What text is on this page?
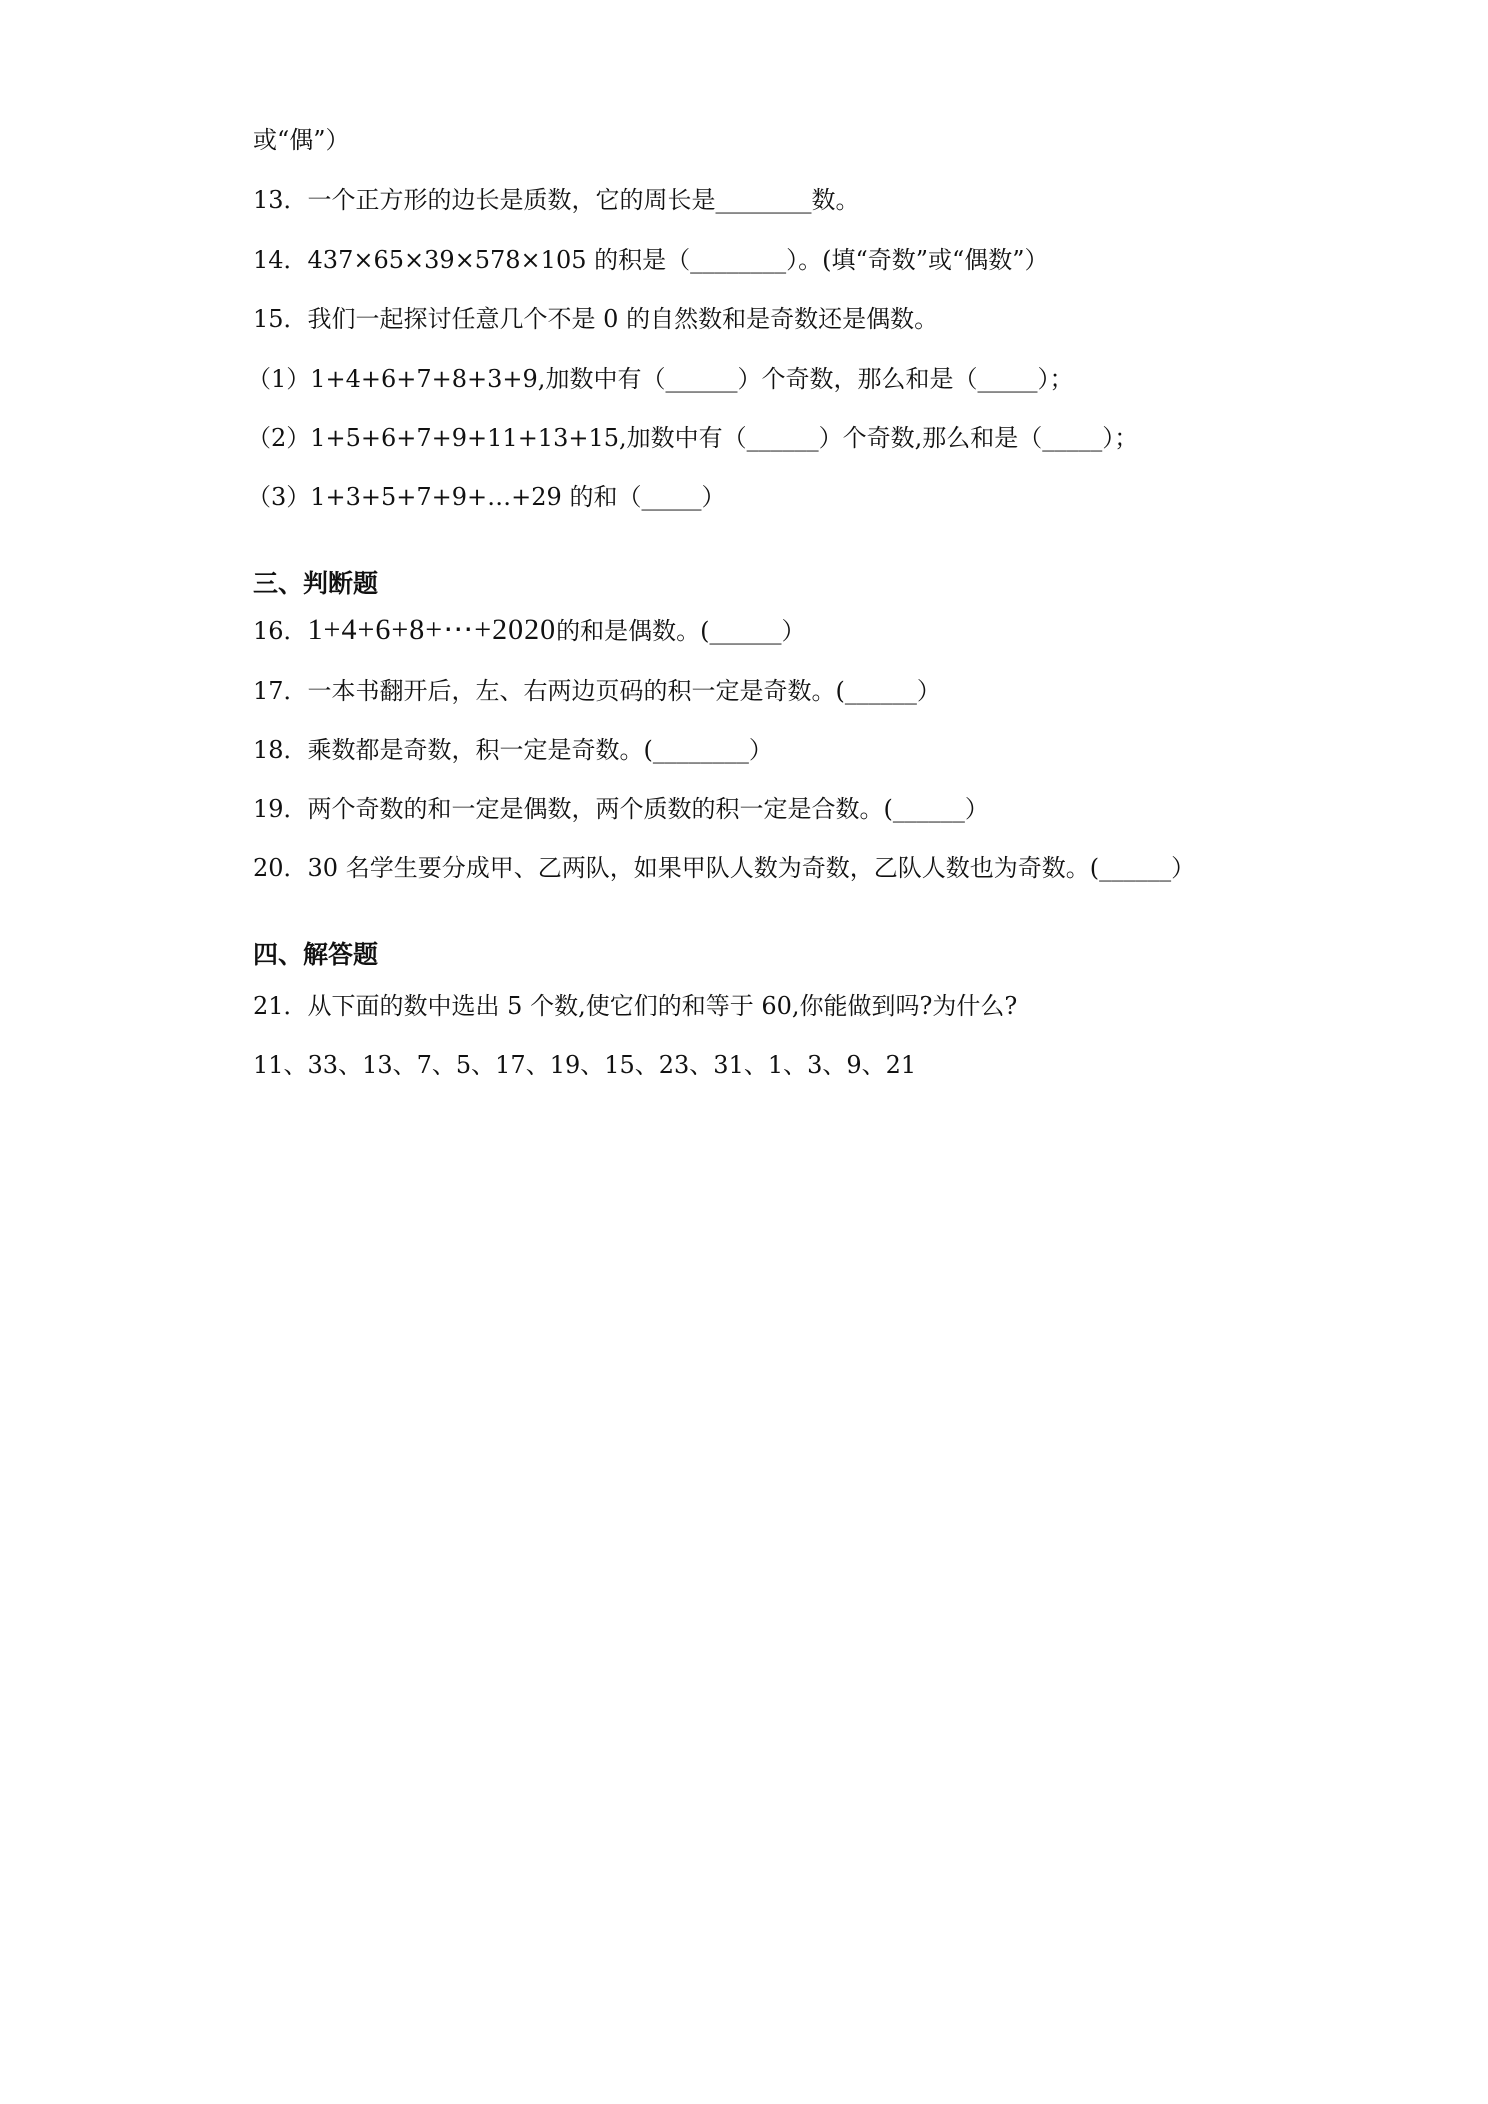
或“偶”）
13．一个正方形的边长是质数，它的周长是________数。
14．437×65×39×578×105 的积是（________）。(填“奇数”或“偶数”）
15．我们一起探讨任意几个不是 0 的自然数和是奇数还是偶数。
（1）1+4+6+7+8+3+9,加数中有（______）个奇数，那么和是（_____）；
（2）1+5+6+7+9+11+13+15,加数中有（______）个奇数,那么和是（_____）；
（3）1+3+5+7+9+…+29 的和（_____）
三、判断题
16．1+4+6+8+⋯+2020的和是偶数。(______）
17．一本书翻开后，左、右两边页码的积一定是奇数。(______）
18．乘数都是奇数，积一定是奇数。(________）
19．两个奇数的和一定是偶数，两个质数的积一定是合数。(______）
20．30 名学生要分成甲、乙两队，如果甲队人数为奇数，乙队人数也为奇数。(______）
四、解答题
21．从下面的数中选出 5 个数,使它们的和等于 60,你能做到吗?为什么?
11、33、13、7、5、17、19、15、23、31、1、3、9、21
